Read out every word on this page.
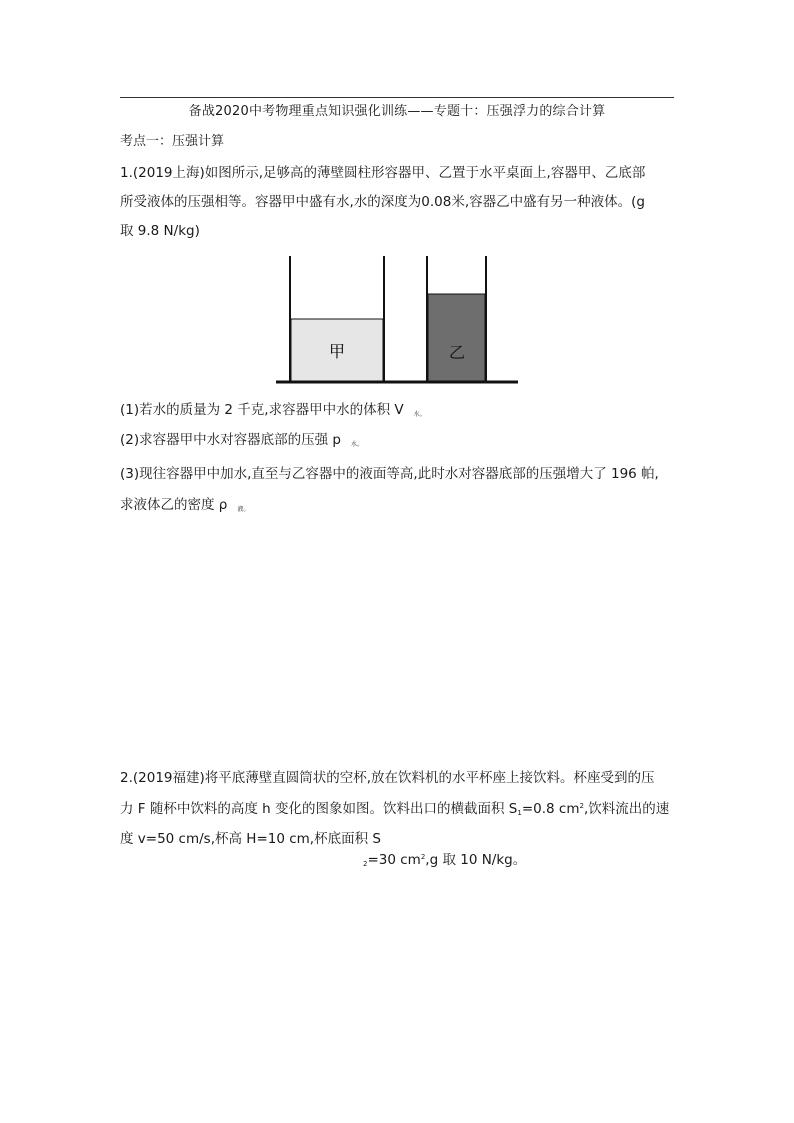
备战2020中考物理重点知识强化训练——专题十：压强浮力的综合计算
考点一：压强计算
1.(2019上海)如图所示,足够高的薄壁圆柱形容器甲、乙置于水平桌面上,容器甲、乙底部
所受液体的压强相等。容器甲中盛有水,水的深度为0.08米,容器乙中盛有另一种液体。(g
取 9.8 N/kg)
甲	乙
(1)若水的质量为 2 千克,求容器甲中水的体积 V $_{水。}$
(2)求容器甲中水对容器底部的压强 p $_{水。}$
(3)现往容器甲中加水,直至与乙容器中的液面等高,此时水对容器底部的压强增大了 196 帕,
求液体乙的密度 ρ $_{液。}$
2.(2019福建)将平底薄壁直圆筒状的空杯,放在饮料机的水平杯座上接饮料。杯座受到的压
力 F 随杯中饮料的高度 h 变化的图象如图。饮料出口的横截面积 S1=0.8 $cm^2$,饮料流出的速
度 v=50 cm/s,杯高 H=10 cm,杯底面积 S
2=30 $cm^2,g$ 取 10 N/kg。
